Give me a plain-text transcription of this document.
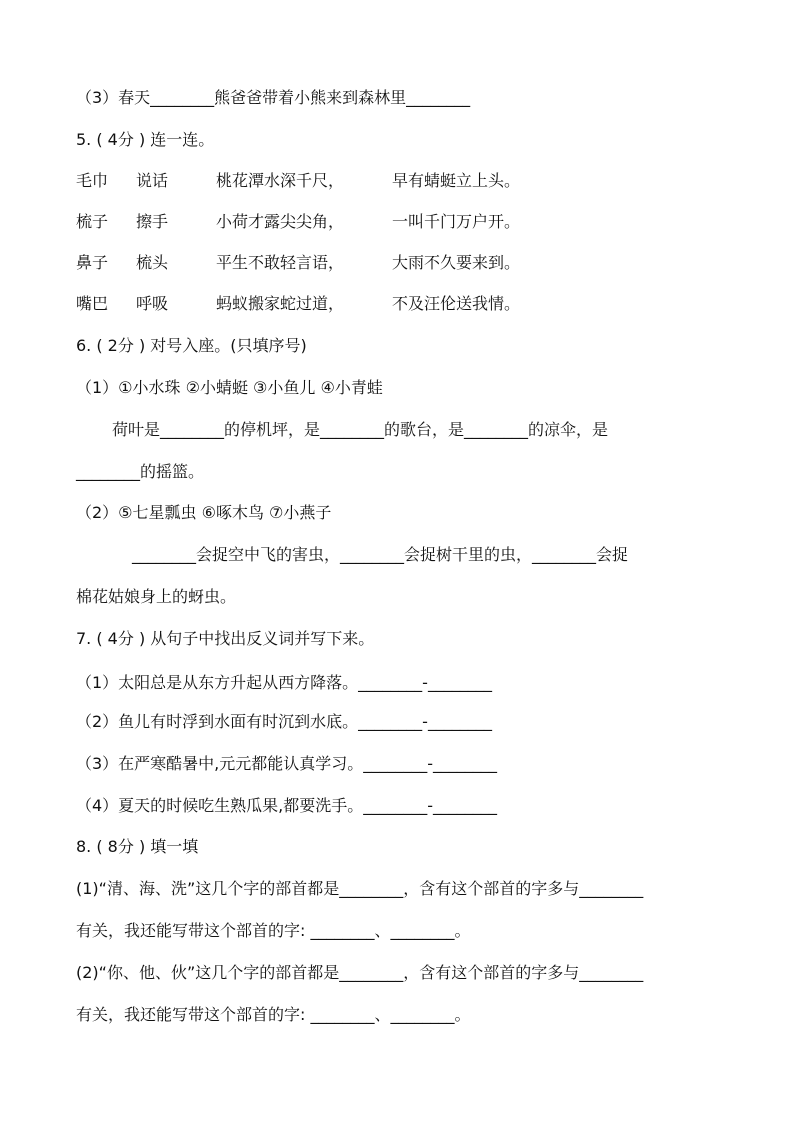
（3）春天________熊爸爸带着小熊来到森林里________
5. ( 4分 ) 连一连。
毛巾 说话	桃花潭水深千尺，	早有蜻蜓立上头。
梳子 擦手	小荷才露尖尖角，	一叫千门万户开。
鼻子 梳头	平生不敢轻言语，	大雨不久要来到。
嘴巴 呼吸	蚂蚁搬家蛇过道，	不及汪伦送我情。
6. ( 2分 ) 对号入座。(只填序号)
（1）①小水珠 ②小蜻蜓 ③小鱼儿 ④小青蛙
荷叶是________的停机坪，是________的歌台，是________的凉伞，是
________的摇篮。
（2）⑤七星瓢虫 ⑥啄木鸟 ⑦小燕子
________会捉空中飞的害虫，________会捉树干里的虫，________会捉
棉花姑娘身上的蚜虫。
7. ( 4分 ) 从句子中找出反义词并写下来。
（1）太阳总是从东方升起从西方降落。________-________
（2）鱼儿有时浮到水面有时沉到水底。________-________
（3）在严寒酷暑中,元元都能认真学习。________-________
（4）夏天的时候吃生熟瓜果,都要洗手。________-________
8. ( 8分 ) 填一填
(1)“清、海、洗”这几个字的部首都是________，含有这个部首的字多与________
有关，我还能写带这个部首的字: ________、________。
(2)“你、他、伙”这几个字的部首都是________，含有这个部首的字多与________
有关，我还能写带这个部首的字: ________、________。
